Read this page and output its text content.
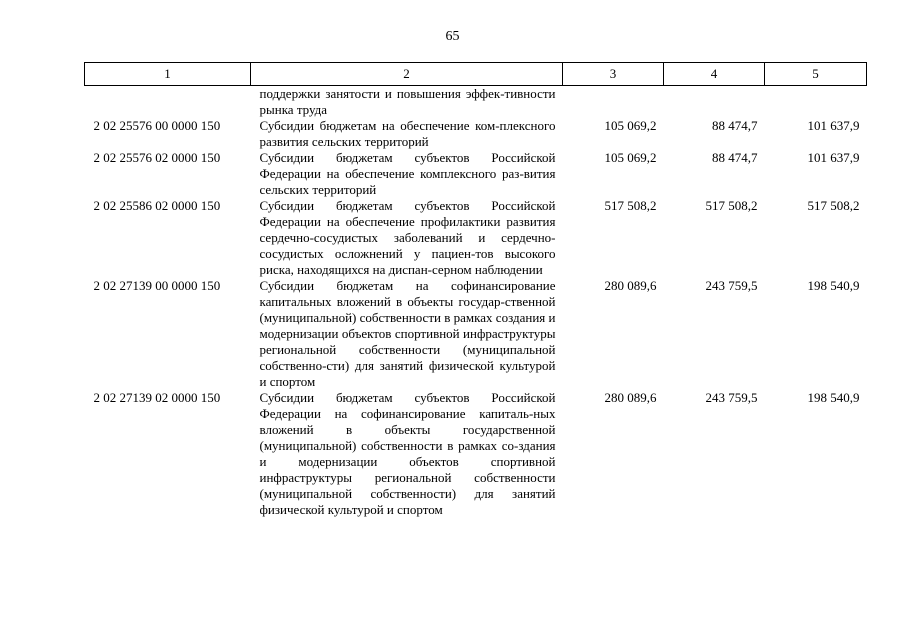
65
1	2	3	4	5
	поддержки занятости и повышения эффек-тивности рынка труда			
2 02 25576 00 0000 150	Субсидии бюджетам на обеспечение ком-плексного развития сельских территорий	105 069,2	88 474,7	101 637,9
2 02 25576 02 0000 150	Субсидии бюджетам субъектов Российской Федерации на обеспечение комплексного раз-вития сельских территорий	105 069,2	88 474,7	101 637,9
2 02 25586 02 0000 150	Субсидии бюджетам субъектов Российской Федерации на обеспечение профилактики развития сердечно-сосудистых заболеваний и сердечно-сосудистых осложнений у пациен-тов высокого риска, находящихся на диспан-серном наблюдении	517 508,2	517 508,2	517 508,2
2 02 27139 00 0000 150	Субсидии бюджетам на софинансирование капитальных вложений в объекты государ-ственной (муниципальной) собственности в рамках создания и модернизации объектов спортивной инфраструктуры региональной собственности (муниципальной собственно-сти) для занятий физической культурой и спортом	280 089,6	243 759,5	198 540,9
2 02 27139 02 0000 150	Субсидии бюджетам субъектов Российской Федерации на софинансирование капиталь-ных вложений в объекты государственной (муниципальной) собственности в рамках со-здания и модернизации объектов спортивной инфраструктуры региональной собственности (муниципальной собственности) для занятий физической культурой и спортом	280 089,6	243 759,5	198 540,9
